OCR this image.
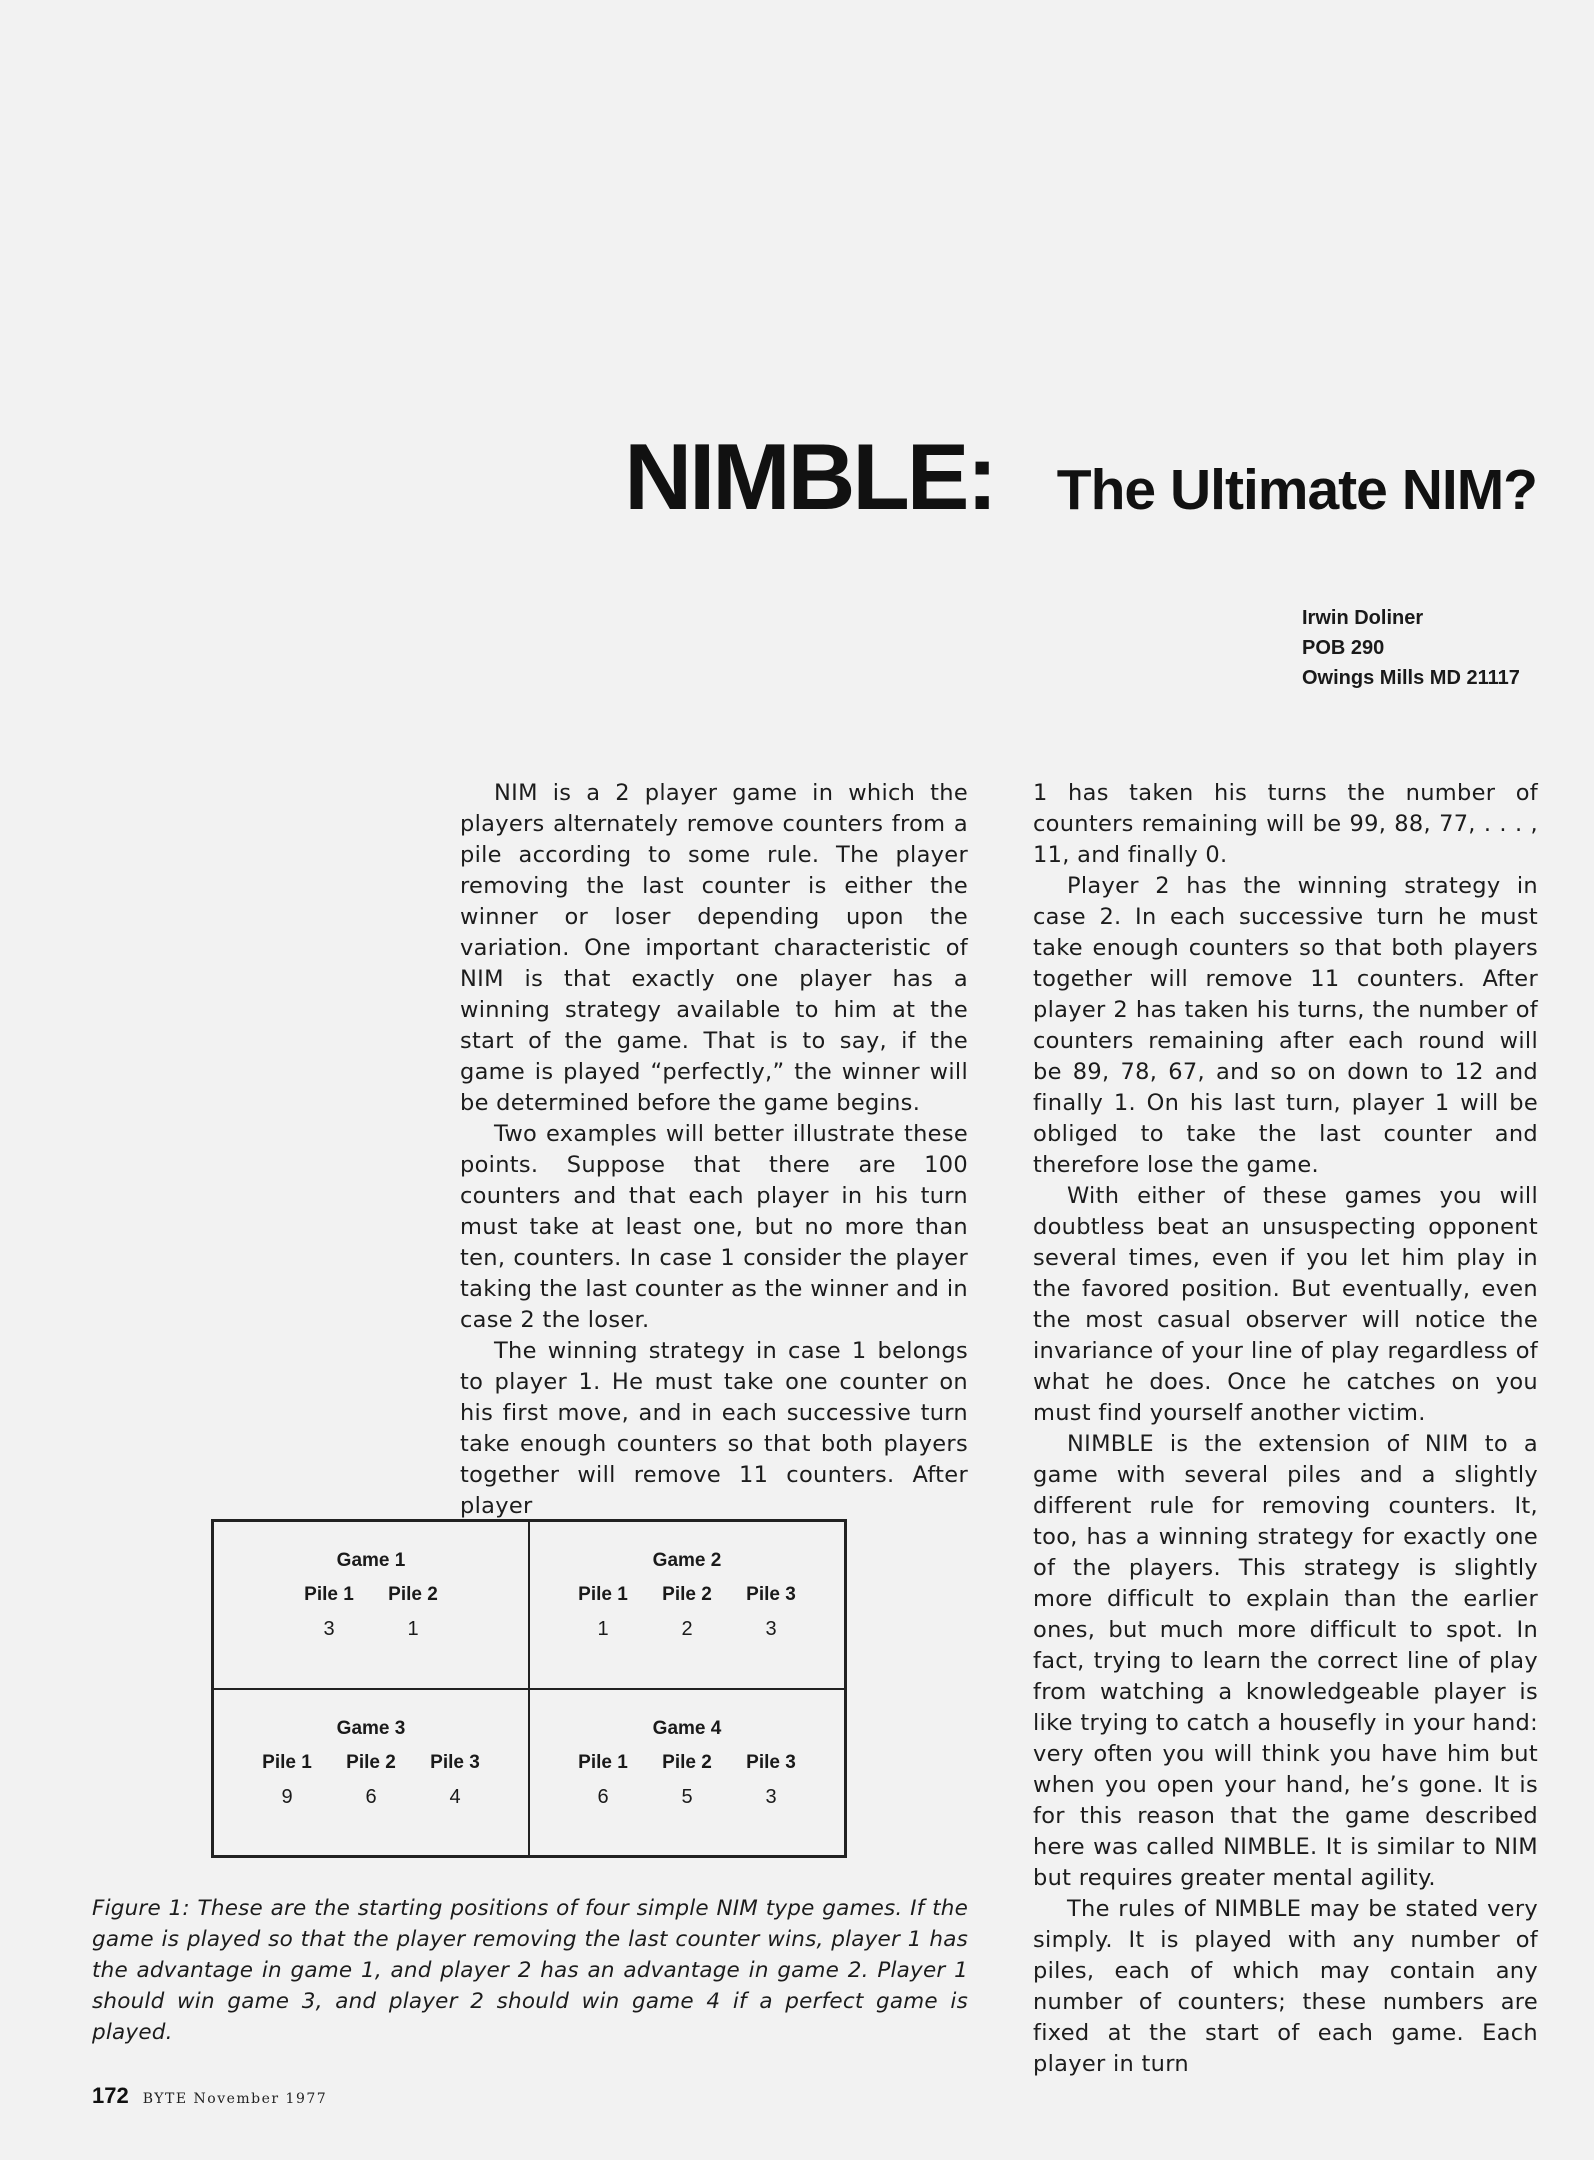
NIMBLE: The Ultimate NIM?
Irwin Doliner
POB 290
Owings Mills MD 21117

NIM is a 2 player game in which the players alternately remove counters from a pile according to some rule. The player removing the last counter is either the winner or loser depending upon the variation. One important characteristic of NIM is that exactly one player has a winning strategy available to him at the start of the game. That is to say, if the game is played “perfectly,” the winner will be determined before the game begins.

Two examples will better illustrate these points. Suppose that there are 100 counters and that each player in his turn must take at least one, but no more than ten, counters. In case 1 consider the player taking the last counter as the winner and in case 2 the loser.

The winning strategy in case 1 belongs to player 1. He must take one counter on his first move, and in each successive turn take enough counters so that both players together will remove 11 counters. After player

1 has taken his turns the number of counters remaining will be 99, 88, 77, . . . , 11, and finally 0.

Player 2 has the winning strategy in case 2. In each successive turn he must take enough counters so that both players together will remove 11 counters. After player 2 has taken his turns, the number of counters remaining after each round will be 89, 78, 67, and so on down to 12 and finally 1. On his last turn, player 1 will be obliged to take the last counter and therefore lose the game.

With either of these games you will doubtless beat an unsuspecting opponent several times, even if you let him play in the favored position. But eventually, even the most casual observer will notice the invariance of your line of play regardless of what he does. Once he catches on you must find yourself another victim.

NIMBLE is the extension of NIM to a game with several piles and a slightly different rule for removing counters. It, too, has a winning strategy for exactly one of the players. This strategy is slightly more difficult to explain than the earlier ones, but much more difficult to spot. In fact, trying to learn the correct line of play from watching a knowledgeable player is like trying to catch a housefly in your hand: very often you will think you have him but when you open your hand, he’s gone. It is for this reason that the game described here was called NIMBLE. It is similar to NIM but requires greater mental agility.

The rules of NIMBLE may be stated very simply. It is played with any number of piles, each of which may contain any number of counters; these numbers are fixed at the start of each game. Each player in turn

Game 1
Pile 1	Pile 2
3	1
Game 2
Pile 1	Pile 2	Pile 3
1	2	3
Game 3
Pile 1	Pile 2	Pile 3
9	6	4
Game 4
Pile 1	Pile 2	Pile 3
6	5	3
Figure 1: These are the starting positions of four simple NIM type games. If the game is played so that the player removing the last counter wins, player 1 has the advantage in game 1, and player 2 has an advantage in game 2. Player 1 should win game 3, and player 2 should win game 4 if a perfect game is played.
172 BYTE November 1977
